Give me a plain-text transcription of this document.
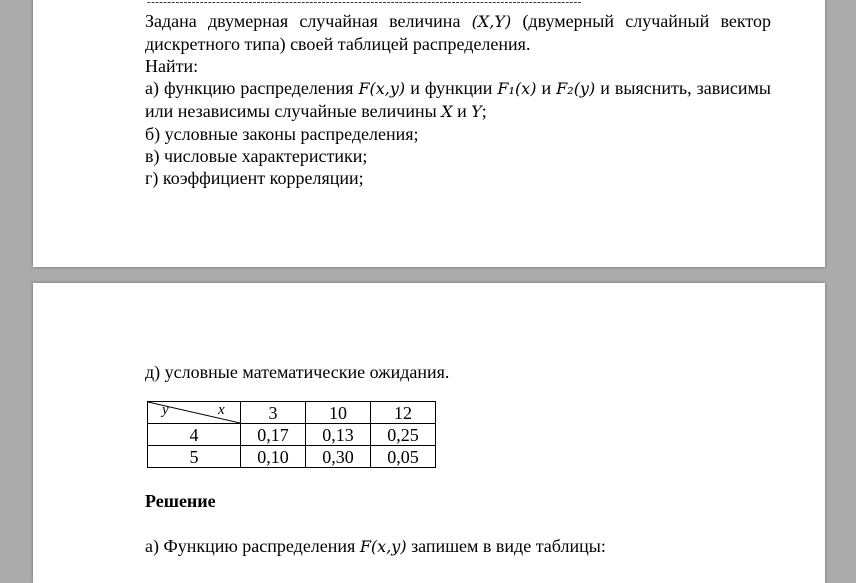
-----------------------------------------------------------------------------------------------------------

Задана двумерная случайная величина (X,Y) (двумерный случайный вектор дискретного типа) своей таблицей распределения.

Найти:

а) функцию распределения F(x,y) и функции F₁(x) и F₂(y) и выяснить, зависимы или независимы случайные величины X и Y;

б) условные законы распределения;

в) числовые характеристики;

г) коэффициент корреляции;

д) условные математические ожидания.
y x	3	10	12
4	0,17	0,13	0,25
5	0,10	0,30	0,05
Решение
а) Функцию распределения F(x,y) запишем в виде таблицы:
